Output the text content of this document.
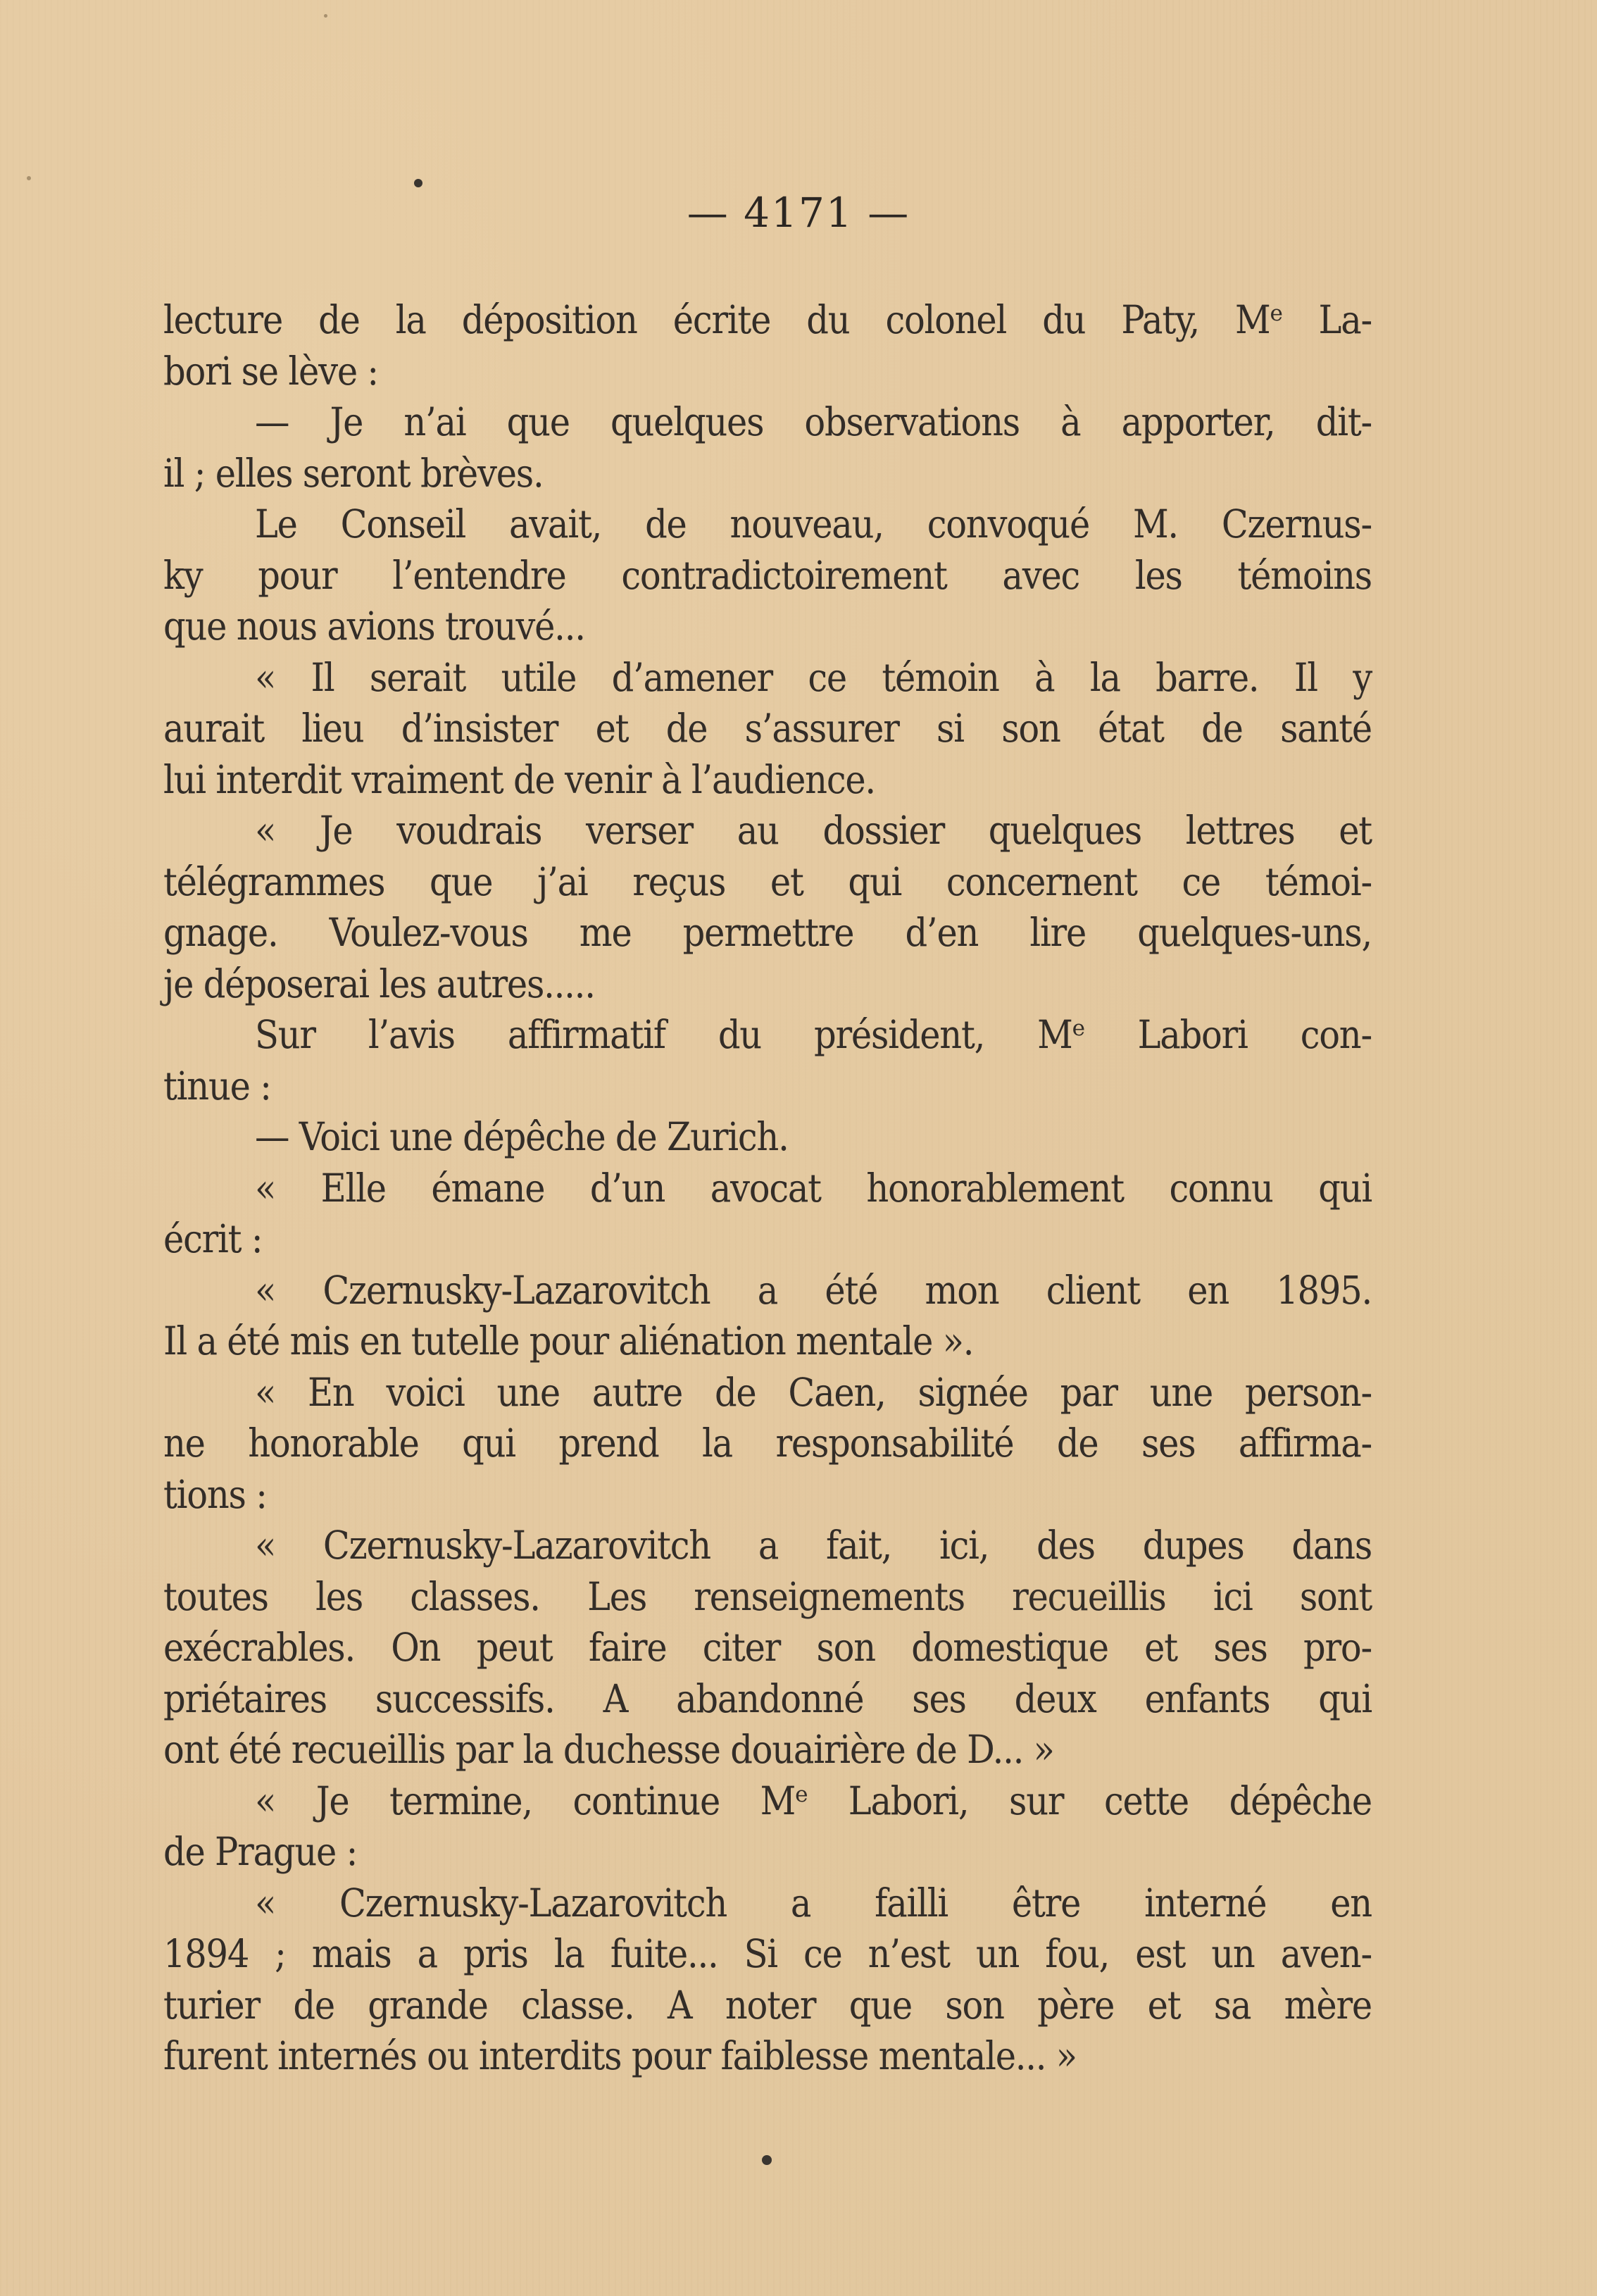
— 4171 —
lecture de la déposition écrite du colonel du Paty, Mᵉ La-
bori se lève :
— Je n’ai que quelques observations à apporter, dit-
il ; elles seront brèves.
Le Conseil avait, de nouveau, convoqué M. Czernus-
ky pour l’entendre contradictoirement avec les témoins
que nous avions trouvé...
« Il serait utile d’amener ce témoin à la barre. Il y
aurait lieu d’insister et de s’assurer si son état de santé
lui interdit vraiment de venir à l’audience.
« Je voudrais verser au dossier quelques lettres et
télégrammes que j’ai reçus et qui concernent ce témoi-
gnage. Voulez-vous me permettre d’en lire quelques-uns,
je déposerai les autres.....
Sur l’avis affirmatif du président, Mᵉ Labori con-
tinue :
— Voici une dépêche de Zurich.
« Elle émane d’un avocat honorablement connu qui
écrit :
« Czernusky-Lazarovitch a été mon client en 1895.
Il a été mis en tutelle pour aliénation mentale ».
« En voici une autre de Caen, signée par une person-
ne honorable qui prend la responsabilité de ses affirma-
tions :
« Czernusky-Lazarovitch a fait, ici, des dupes dans
toutes les classes. Les renseignements recueillis ici sont
exécrables. On peut faire citer son domestique et ses pro-
priétaires successifs. A abandonné ses deux enfants qui
ont été recueillis par la duchesse douairière de D... »
« Je termine, continue Mᵉ Labori, sur cette dépêche
de Prague :
« Czernusky-Lazarovitch a failli être interné en
1894 ; mais a pris la fuite... Si ce n’est un fou, est un aven-
turier de grande classe. A noter que son père et sa mère
furent internés ou interdits pour faiblesse mentale... »
